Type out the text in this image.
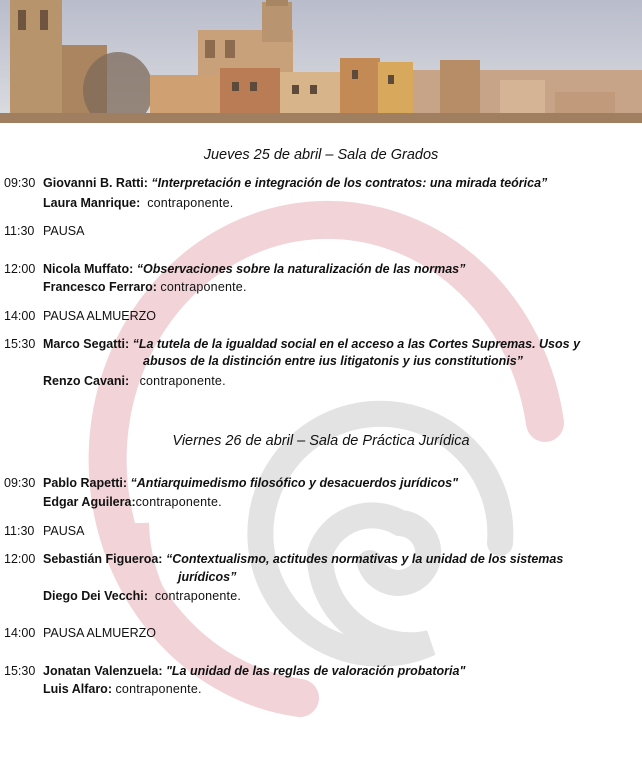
Jueves 25 de abril – Sala de Grados
09:30 Giovanni B. Ratti: “Interpretación e integración de los contratos: una mirada teórica”
Laura Manrique: contraponente.
11:30 PAUSA
12:00 Nicola Muffato: “Observaciones sobre la naturalización de las normas”
Francesco Ferraro: contraponente.
14:00 PAUSA ALMUERZO
15:30 Marco Segatti: “La tutela de la igualdad social en el acceso a las Cortes Supremas. Usos y
abusos de la distinción entre ius litigatonis y ius constitutionis”
Renzo Cavani: contraponente.
Viernes 26 de abril – Sala de Práctica Jurídica
09:30 Pablo Rapetti: “Antiarquimedismo filosófico y desacuerdos jurídicos"
Edgar Aguilera:contraponente.
11:30 PAUSA
12:00 Sebastián Figueroa: “Contextualismo, actitudes normativas y la unidad de los sistemas
jurídicos”
Diego Dei Vecchi: contraponente.
14:00 PAUSA ALMUERZO
15:30 Jonatan Valenzuela: "La unidad de las reglas de valoración probatoria"
Luis Alfaro: contraponente.
